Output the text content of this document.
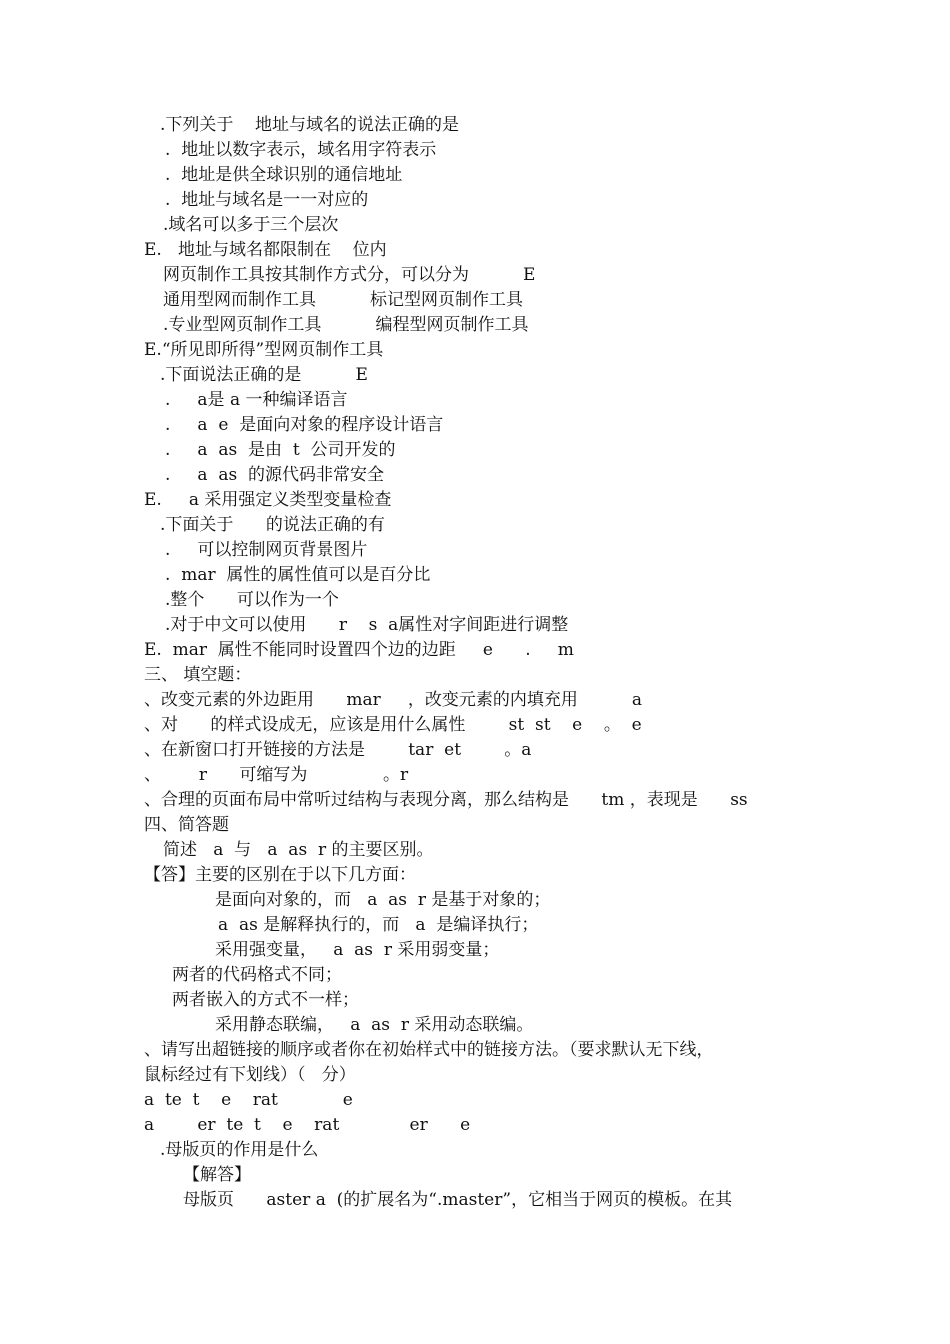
.下列关于    地址与域名的说法正确的是
.  地址以数字表示，域名用字符表示
.  地址是供全球识别的通信地址
.  地址与域名是一一对应的
.域名可以多于三个层次
E.   地址与域名都限制在    位内
网页制作工具按其制作方式分，可以分为          E
通用型网而制作工具          标记型网页制作工具
.专业型网页制作工具          编程型网页制作工具
E.“所见即所得”型网页制作工具
.下面说法正确的是          E
.     a是 a 一种编译语言
.     a  e  是面向对象的程序设计语言
.     a  as  是由  t  公司开发的
.     a  as  的源代码非常安全
E.     a 采用强定义类型变量检查
.下面关于      的说法正确的有
.     可以控制网页背景图片
.  mar  属性的属性值可以是百分比
.整个      可以作为一个
.对于中文可以使用      r    s  a属性对字间距进行调整
E.  mar  属性不能同时设置四个边的边距     e      .     m
三、 填空题：
、改变元素的外边距用      mar     ，改变元素的内填充用          a
、对      的样式设成无，应该是用什么属性        st  st    e    。  e
、在新窗口打开链接的方法是        tar  et        。a
、       r      可缩写为              。r
、合理的页面布局中常听过结构与表现分离，那么结构是      tm ，表现是      ss
四、简答题
简述   a  与   a  as  r 的主要区别。
【答】主要的区别在于以下几方面：
是面向对象的，而   a  as  r 是基于对象的；
a  as 是解释执行的，而   a  是编译执行；
采用强变量，   a  as  r 采用弱变量；
两者的代码格式不同；
两者嵌入的方式不一样；
采用静态联编，   a  as  r 采用动态联编。
、请写出超链接的顺序或者你在初始样式中的链接方法。（要求默认无下线，
鼠标经过有下划线）（   分）
a  te  t    e    rat            e
a        er  te  t    e    rat             er      e
.母版页的作用是什么
【解答】
母版页      aster a  (的扩展名为“.master”，它相当于网页的模板。在其
